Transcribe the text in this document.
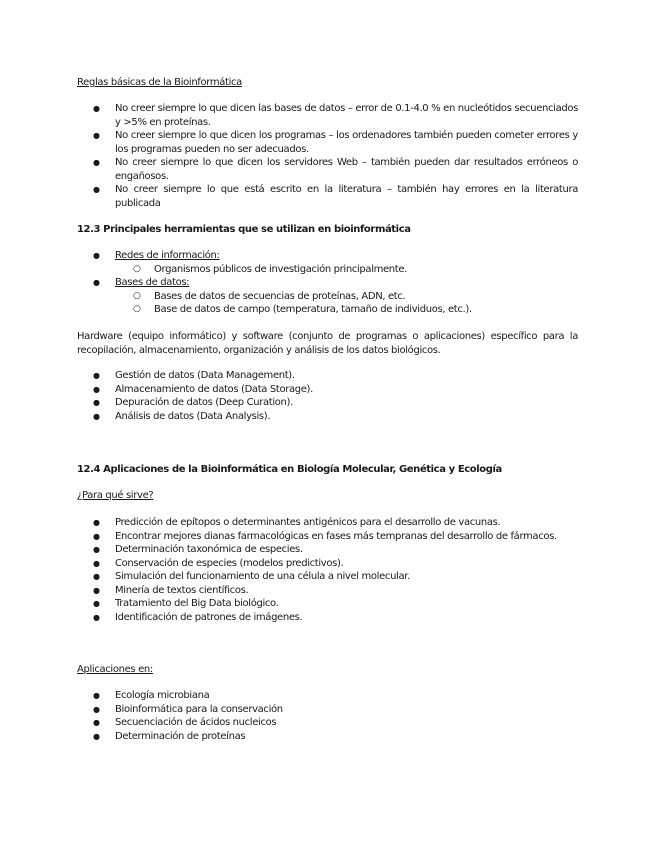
Reglas básicas de la Bioinformática
● No creer siempre lo que dicen las bases de datos – error de 0.1-4.0 % en nucleótidos secuenciados y >5% en proteínas.
● No creer siempre lo que dicen los programas – los ordenadores también pueden cometer errores y los programas pueden no ser adecuados.
● No creer siempre lo que dicen los servidores Web – también pueden dar resultados erróneos o engañosos.
● No creer siempre lo que está escrito en la literatura – también hay errores en la literatura publicada
12.3 Principales herramientas que se utilizan en bioinformática
● Redes de información:
○ Organismos públicos de investigación principalmente.
● Bases de datos:
○ Bases de datos de secuencias de proteínas, ADN, etc.
○ Base de datos de campo (temperatura, tamaño de individuos, etc.).

Hardware (equipo informático) y software (conjunto de programas o aplicaciones) específico para la recopilación, almacenamiento, organización y análisis de los datos biológicos.

● Gestión de datos (Data Management).
● Almacenamiento de datos (Data Storage).
● Depuración de datos (Deep Curation).
● Análisis de datos (Data Analysis).
12.4 Aplicaciones de la Bioinformática en Biología Molecular, Genética y Ecología
¿Para qué sirve?
● Predicción de epítopos o determinantes antigénicos para el desarrollo de vacunas.
● Encontrar mejores dianas farmacológicas en fases más tempranas del desarrollo de fármacos.
● Determinación taxonómica de especies.
● Conservación de especies (modelos predictivos).
● Simulación del funcionamiento de una célula a nivel molecular.
● Minería de textos científicos.
● Tratamiento del Big Data biológico.
● Identificación de patrones de imágenes.
Aplicaciones en:
● Ecología microbiana
● Bioinformática para la conservación
● Secuenciación de ácidos nucleicos
● Determinación de proteínas
